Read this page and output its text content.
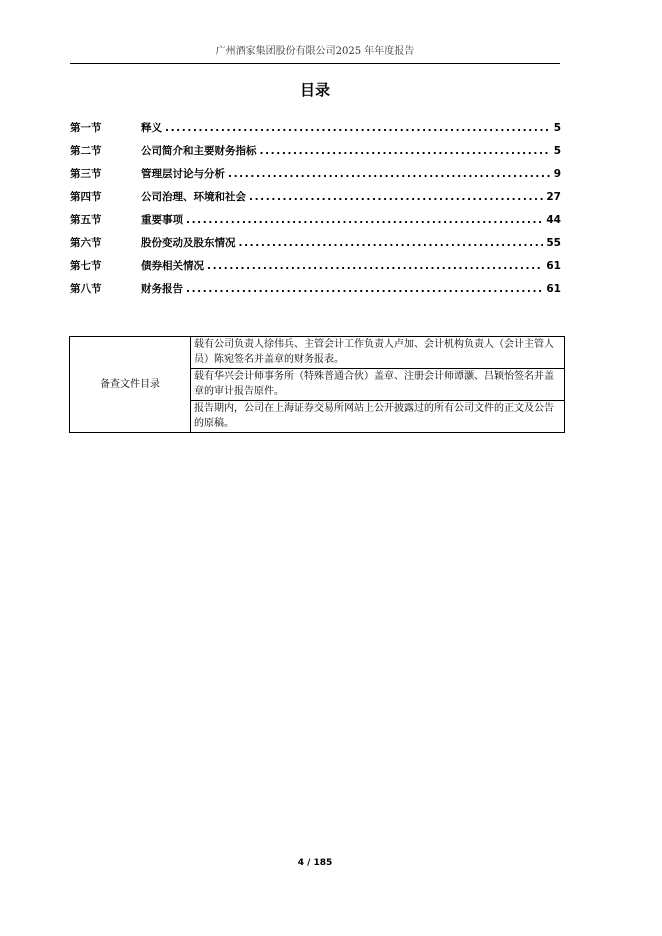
广州酒家集团股份有限公司2025 年年度报告
目录
第一节	释义 .....	5
第二节	公司简介和主要财务指标 .....	5
第三节	管理层讨论与分析 .....	9
第四节	公司治理、环境和社会 .....	27
第五节	重要事项 .....	44
第六节	股份变动及股东情况 .....	55
第七节	债券相关情况 .....	61
第八节	财务报告 .....	61
备查文件目录	载有公司负责人徐伟兵、主管会计工作负责人卢加、会计机构负责人（会计主管人员）陈宛签名并盖章的财务报表。
载有华兴会计师事务所（特殊普通合伙）盖章、注册会计师谭灏、吕颖怡签名并盖章的审计报告原件。
报告期内，公司在上海证券交易所网站上公开披露过的所有公司文件的正文及公告的原稿。
4 / 185
